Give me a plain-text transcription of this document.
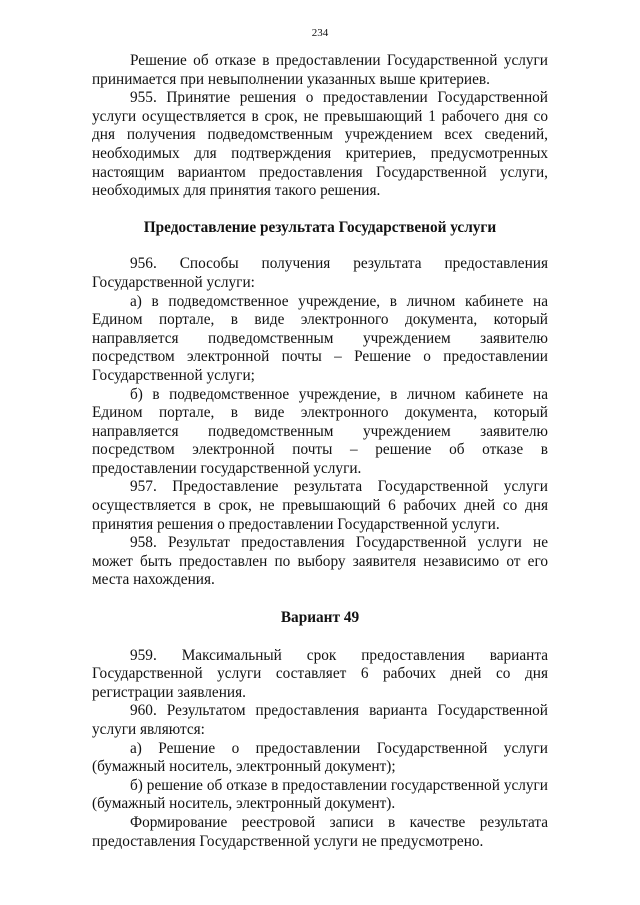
234

Решение об отказе в предоставлении Государственной услуги принимается при невыполнении указанных выше критериев.

955. Принятие решения о предоставлении Государственной услуги осуществляется в срок, не превышающий 1 рабочего дня со дня получения подведомственным учреждением всех сведений, необходимых для подтверждения критериев, предусмотренных настоящим вариантом предоставления Государственной услуги, необходимых для принятия такого решения.

Предоставление результата Государственой услуги

956. Способы получения результата предоставления Государственной услуги:

а) в подведомственное учреждение, в личном кабинете на Едином портале, в виде электронного документа, который направляется подведомственным учреждением заявителю посредством электронной почты – Решение о предоставлении Государственной услуги;

б) в подведомственное учреждение, в личном кабинете на Едином портале, в виде электронного документа, который направляется подведомственным учреждением заявителю посредством электронной почты – решение об отказе в предоставлении государственной услуги.

957. Предоставление результата Государственной услуги осуществляется в срок, не превышающий 6 рабочих дней со дня принятия решения о предоставлении Государственной услуги.

958. Результат предоставления Государственной услуги не может быть предоставлен по выбору заявителя независимо от его места нахождения.

Вариант 49

959. Максимальный срок предоставления варианта Государственной услуги составляет 6 рабочих дней со дня регистрации заявления.

960. Результатом предоставления варианта Государственной услуги являются:

а) Решение о предоставлении Государственной услуги (бумажный носитель, электронный документ);

б) решение об отказе в предоставлении государственной услуги (бумажный носитель, электронный документ).

Формирование реестровой записи в качестве результата предоставления Государственной услуги не предусмотрено.
